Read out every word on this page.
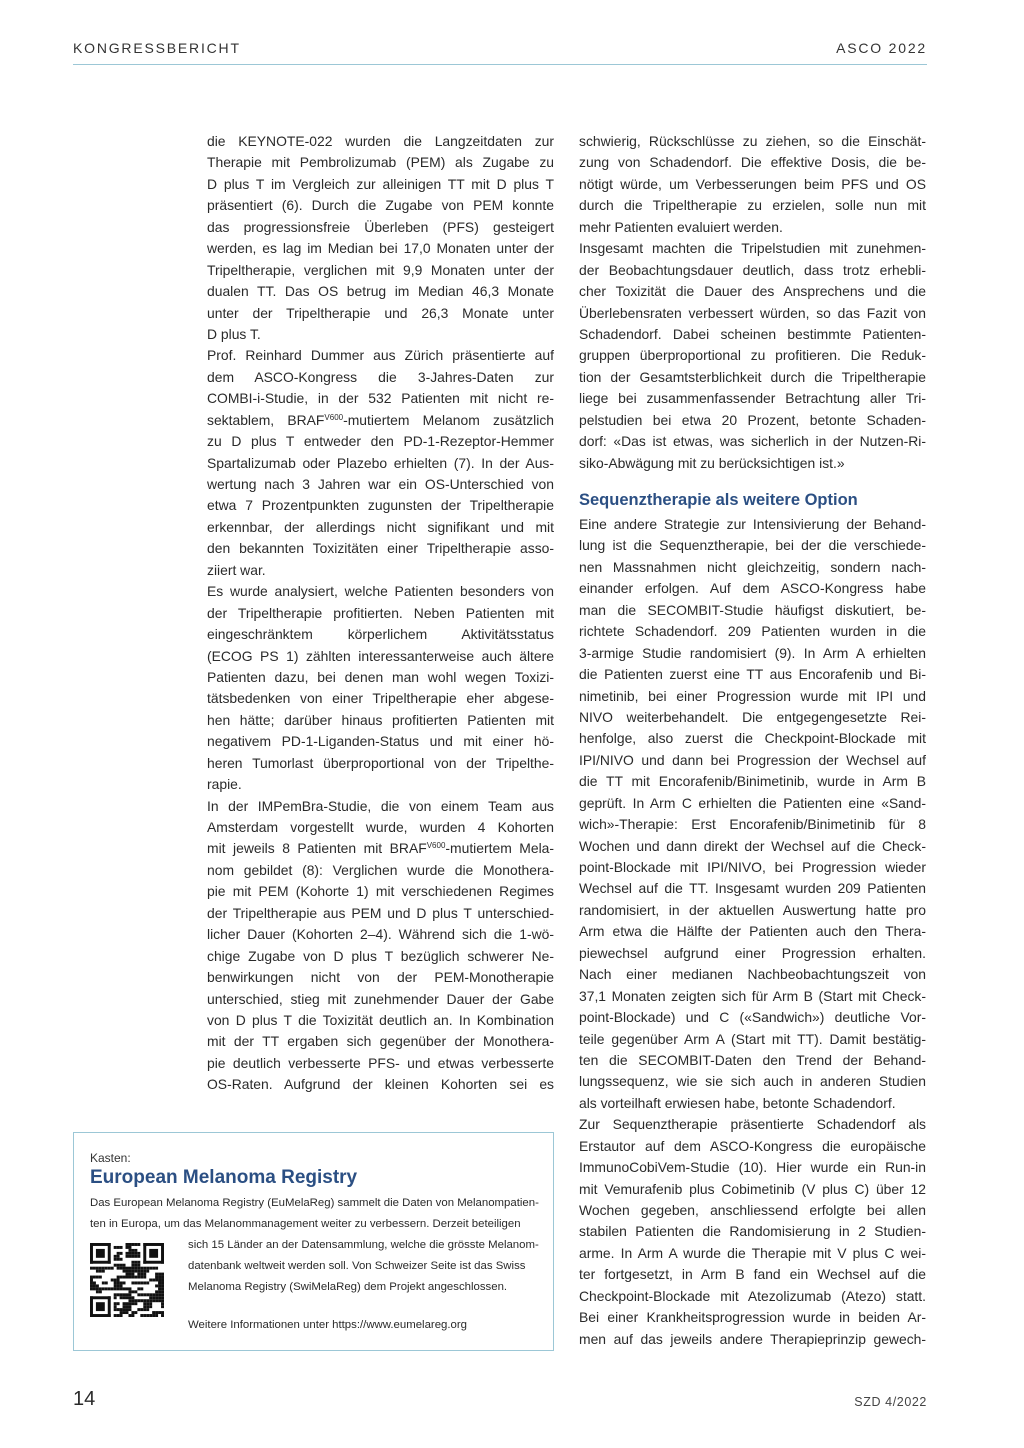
KONGRESSBERICHT	ASCO 2022
die KEYNOTE-022 wurden die Langzeitdaten zur
Therapie mit Pembrolizumab (PEM) als Zugabe zu
D plus T im Vergleich zur alleinigen TT mit D plus T
präsentiert (6). Durch die Zugabe von PEM konnte
das progressionsfreie Überleben (PFS) gesteigert
werden, es lag im Median bei 17,0 Monaten unter der
Tripeltherapie, verglichen mit 9,9 Monaten unter der
dualen TT. Das OS betrug im Median 46,3 Monate
unter der Tripeltherapie und 26,3 Monate unter
D plus T.
Prof. Reinhard Dummer aus Zürich präsentierte auf
dem ASCO-Kongress die 3-Jahres-Daten zur
COMBI-i-Studie, in der 532 Patienten mit nicht re-
sektablem, $BRAF^{V600}$-mutiertem Melanom zusätzlich
zu D plus T entweder den PD-1-Rezeptor-Hemmer
Spartalizumab oder Plazebo erhielten (7). In der Aus-
wertung nach 3 Jahren war ein OS-Unterschied von
etwa 7 Prozentpunkten zugunsten der Tripeltherapie
erkennbar, der allerdings nicht signifikant und mit
den bekannten Toxizitäten einer Tripeltherapie asso-
ziiert war.
Es wurde analysiert, welche Patienten besonders von
der Tripeltherapie profitierten. Neben Patienten mit
eingeschränktem körperlichem Aktivitätsstatus
(ECOG PS 1) zählten interessanterweise auch ältere
Patienten dazu, bei denen man wohl wegen Toxizi-
tätsbedenken von einer Tripeltherapie eher abgese-
hen hätte; darüber hinaus profitierten Patienten mit
negativem PD-1-Liganden-Status und mit einer hö-
heren Tumorlast überproportional von der Tripelthe-
rapie.
In der IMPemBra-Studie, die von einem Team aus
Amsterdam vorgestellt wurde, wurden 4 Kohorten
mit jeweils 8 Patienten mit $BRAF^{V600}$-mutiertem Mela-
nom gebildet (8): Verglichen wurde die Monothera-
pie mit PEM (Kohorte 1) mit verschiedenen Regimes
der Tripeltherapie aus PEM und D plus T unterschied-
licher Dauer (Kohorten 2–4). Während sich die 1-wö-
chige Zugabe von D plus T bezüglich schwerer Ne-
benwirkungen nicht von der PEM-Monotherapie
unterschied, stieg mit zunehmender Dauer der Gabe
von D plus T die Toxizität deutlich an. In Kombination
mit der TT ergaben sich gegenüber der Monothera-
pie deutlich verbesserte PFS- und etwas verbesserte
OS-Raten. Aufgrund der kleinen Kohorten sei es
schwierig, Rückschlüsse zu ziehen, so die Einschät-
zung von Schadendorf. Die effektive Dosis, die be-
nötigt würde, um Verbesserungen beim PFS und OS
durch die Tripeltherapie zu erzielen, solle nun mit
mehr Patienten evaluiert werden.
Insgesamt machten die Tripelstudien mit zunehmen-
der Beobachtungsdauer deutlich, dass trotz erhebli-
cher Toxizität die Dauer des Ansprechens und die
Überlebensraten verbessert würden, so das Fazit von
Schadendorf. Dabei scheinen bestimmte Patienten-
gruppen überproportional zu profitieren. Die Reduk-
tion der Gesamtsterblichkeit durch die Tripeltherapie
liege bei zusammenfassender Betrachtung aller Tri-
pelstudien bei etwa 20 Prozent, betonte Schaden-
dorf: «Das ist etwas, was sicherlich in der Nutzen-Ri-
siko-Abwägung mit zu berücksichtigen ist.»
Sequenztherapie als weitere Option
Eine andere Strategie zur Intensivierung der Behand-
lung ist die Sequenztherapie, bei der die verschiede-
nen Massnahmen nicht gleichzeitig, sondern nach-
einander erfolgen. Auf dem ASCO-Kongress habe
man die SECOMBIT-Studie häufigst diskutiert, be-
richtete Schadendorf. 209 Patienten wurden in die
3-armige Studie randomisiert (9). In Arm A erhielten
die Patienten zuerst eine TT aus Encorafenib und Bi-
nimetinib, bei einer Progression wurde mit IPI und
NIVO weiterbehandelt. Die entgegengesetzte Rei-
henfolge, also zuerst die Checkpoint-Blockade mit
IPI/NIVO und dann bei Progression der Wechsel auf
die TT mit Encorafenib/Binimetinib, wurde in Arm B
geprüft. In Arm C erhielten die Patienten eine «Sand-
wich»-Therapie: Erst Encorafenib/Binimetinib für 8
Wochen und dann direkt der Wechsel auf die Check-
point-Blockade mit IPI/NIVO, bei Progression wieder
Wechsel auf die TT. Insgesamt wurden 209 Patienten
randomisiert, in der aktuellen Auswertung hatte pro
Arm etwa die Hälfte der Patienten auch den Thera-
piewechsel aufgrund einer Progression erhalten.
Nach einer medianen Nachbeobachtungszeit von
37,1 Monaten zeigten sich für Arm B (Start mit Check-
point-Blockade) und C («Sandwich») deutliche Vor-
teile gegenüber Arm A (Start mit TT). Damit bestätig-
ten die SECOMBIT-Daten den Trend der Behand-
lungssequenz, wie sie sich auch in anderen Studien
als vorteilhaft erwiesen habe, betonte Schadendorf.
Zur Sequenztherapie präsentierte Schadendorf als
Erstautor auf dem ASCO-Kongress die europäische
ImmunoCobiVem-Studie (10). Hier wurde ein Run-in
mit Vemurafenib plus Cobimetinib (V plus C) über 12
Wochen gegeben, anschliessend erfolgte bei allen
stabilen Patienten die Randomisierung in 2 Studien-
arme. In Arm A wurde die Therapie mit V plus C wei-
ter fortgesetzt, in Arm B fand ein Wechsel auf die
Checkpoint-Blockade mit Atezolizumab (Atezo) statt.
Bei einer Krankheitsprogression wurde in beiden Ar-
men auf das jeweils andere Therapieprinzip gewech-
Kasten:
European Melanoma Registry
Das European Melanoma Registry (EuMelaReg) sammelt die Daten von Melanompatien-
ten in Europa, um das Melanommanagement weiter zu verbessern. Derzeit beteiligen
sich 15 Länder an der Datensammlung, welche die grösste Melanom-
datenbank weltweit werden soll. Von Schweizer Seite ist das Swiss
Melanoma Registry (SwiMelaReg) dem Projekt angeschlossen.
Weitere Informationen unter https://www.eumelareg.org
14	SZD 4/2022
